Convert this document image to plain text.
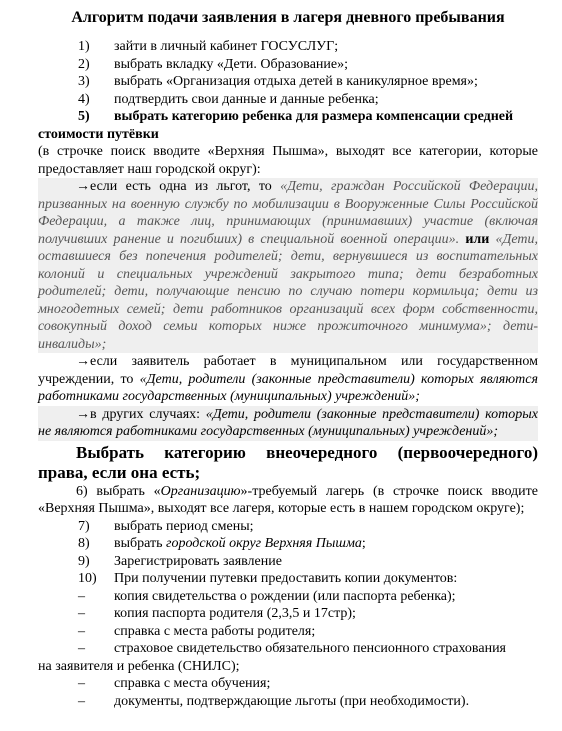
Алгоритм подачи заявления в лагеря дневного пребывания
1)	зайти в личный кабинет ГОСУСЛУГ;
2)	выбрать вкладку «Дети. Образование»;
3)	выбрать «Организация отдыха детей в каникулярное время»;
4)	подтвердить свои данные и данные ребенка;
5)	выбрать категорию ребенка для размера компенсации средней

стоимости путёвки

(в строчке поиск вводите «Верхняя Пышма», выходят все категории, которые предоставляет наш городской округ):

→если есть одна из льгот, то «Дети, граждан Российской Федерации, призванных на военную службу по мобилизации в Вооруженные Силы Российской Федерации, а также лиц, принимающих (принимавших) участие (включая получивших ранение и погибших) в специальной военной операции». или «Дети, оставшиеся без попечения родителей; дети, вернувшиеся из воспитательных колоний и специальных учреждений закрытого типа; дети безработных родителей; дети, получающие пенсию по случаю потери кормильца; дети из многодетных семей; дети работников организаций всех форм собственности, совокупный доход семьи которых ниже прожиточного минимума»; дети-инвалиды»;

→если заявитель работает в муниципальном или государственном учреждении, то «Дети, родители (законные представители) которых являются работниками государственных (муниципальных) учреждений»;

→в других случаях: «Дети, родители (законные представители) которых не являются работниками государственных (муниципальных) учреждений»;

Выбрать категорию внеочередного (первоочередного) права, если она есть;

6) выбрать «Организацию»-требуемый лагерь (в строчке поиск вводите «Верхняя Пышма», выходят все лагеря, которые есть в нашем городском округе);

7)	выбрать период смены;
8)	выбрать городской округ Верхняя Пышма;
9)	Зарегистрировать заявление
10)	При получении путевки предоставить копии документов:
–	копия свидетельства о рождении (или паспорта ребенка);
–	копия паспорта родителя (2,3,5 и 17стр);
–	справка с места работы родителя;
–	страховое свидетельство обязательного пенсионного страхования

на заявителя и ребенка (СНИЛС);

–	справка с места обучения;
–	документы, подтверждающие льготы (при необходимости).
